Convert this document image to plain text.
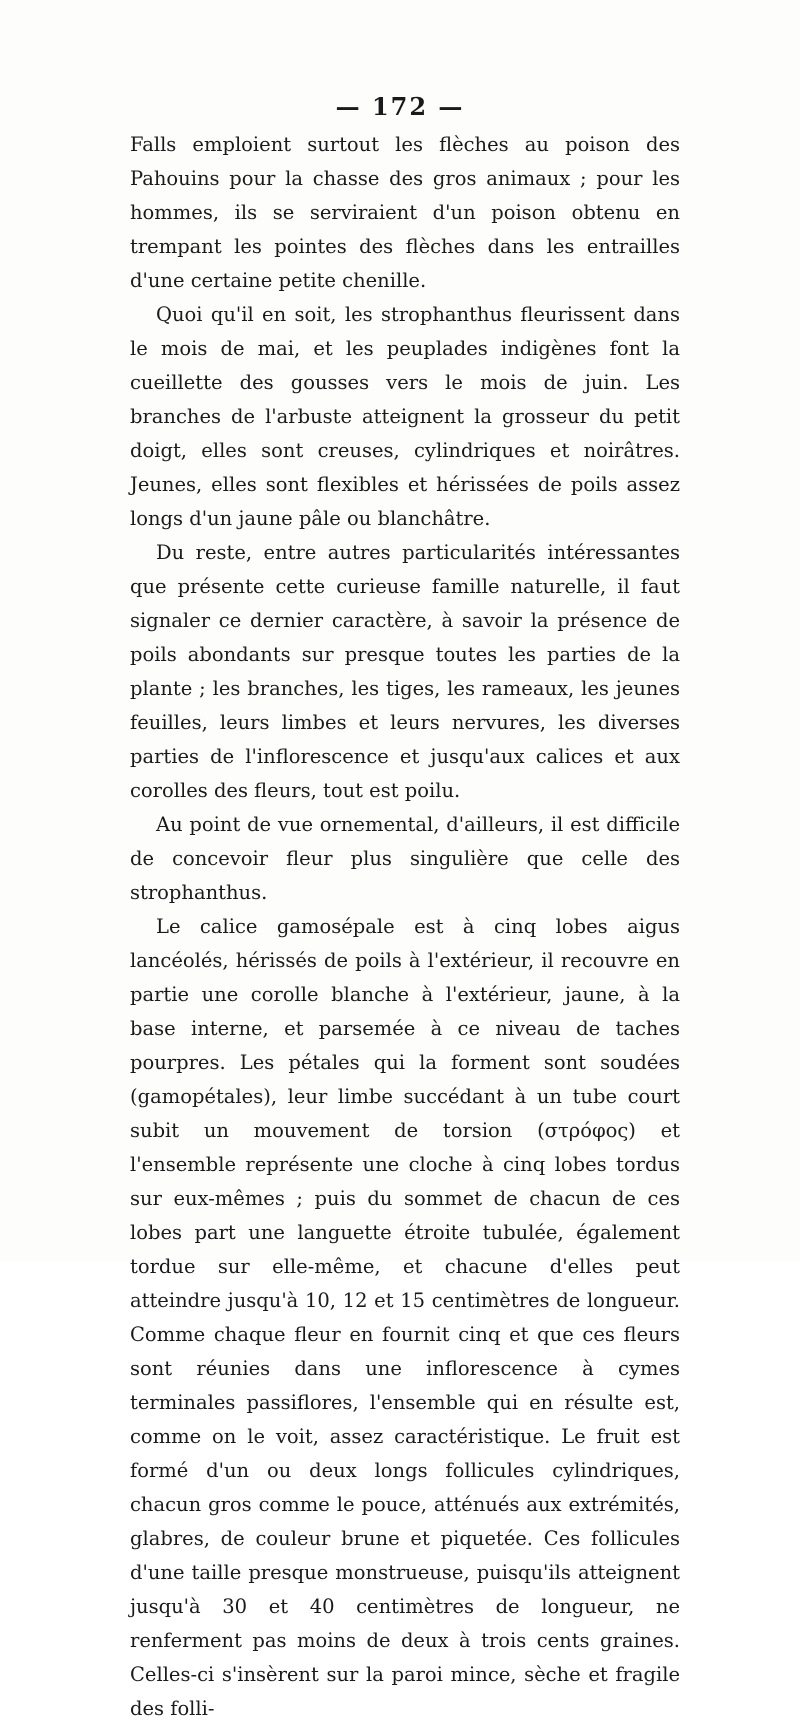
— 172 —

Falls emploient surtout les flèches au poison des Pahouins pour la chasse des gros animaux ; pour les hommes, ils se serviraient d'un poison obtenu en trempant les pointes des flèches dans les entrailles d'une certaine petite chenille.

Quoi qu'il en soit, les strophanthus fleurissent dans le mois de mai, et les peuplades indigènes font la cueillette des gousses vers le mois de juin. Les branches de l'arbuste atteignent la grosseur du petit doigt, elles sont creuses, cylindriques et noirâtres. Jeunes, elles sont flexibles et hérissées de poils assez longs d'un jaune pâle ou blanchâtre.

Du reste, entre autres particularités intéressantes que présente cette curieuse famille naturelle, il faut signaler ce dernier caractère, à savoir la présence de poils abondants sur presque toutes les parties de la plante ; les branches, les tiges, les rameaux, les jeunes feuilles, leurs limbes et leurs nervures, les diverses parties de l'inflorescence et jusqu'aux calices et aux corolles des fleurs, tout est poilu.

Au point de vue ornemental, d'ailleurs, il est difficile de concevoir fleur plus singulière que celle des strophanthus.

Le calice gamosépale est à cinq lobes aigus lancéolés, hérissés de poils à l'extérieur, il recouvre en partie une corolle blanche à l'extérieur, jaune, à la base interne, et parsemée à ce niveau de taches pourpres. Les pétales qui la forment sont soudées (gamopétales), leur limbe succédant à un tube court subit un mouvement de torsion (στρόφος) et l'ensemble représente une cloche à cinq lobes tordus sur eux-mêmes ; puis du sommet de chacun de ces lobes part une languette étroite tubulée, également tordue sur elle-même, et chacune d'elles peut atteindre jusqu'à 10, 12 et 15 centimètres de longueur. Comme chaque fleur en fournit cinq et que ces fleurs sont réunies dans une inflorescence à cymes terminales passiflores, l'ensemble qui en résulte est, comme on le voit, assez caractéristique. Le fruit est formé d'un ou deux longs follicules cylindriques, chacun gros comme le pouce, atténués aux extrémités, glabres, de couleur brune et piquetée. Ces follicules d'une taille presque monstrueuse, puisqu'ils atteignent jusqu'à 30 et 40 centimètres de longueur, ne renferment pas moins de deux à trois cents graines. Celles-ci s'insèrent sur la paroi mince, sèche et fragile des folli-
